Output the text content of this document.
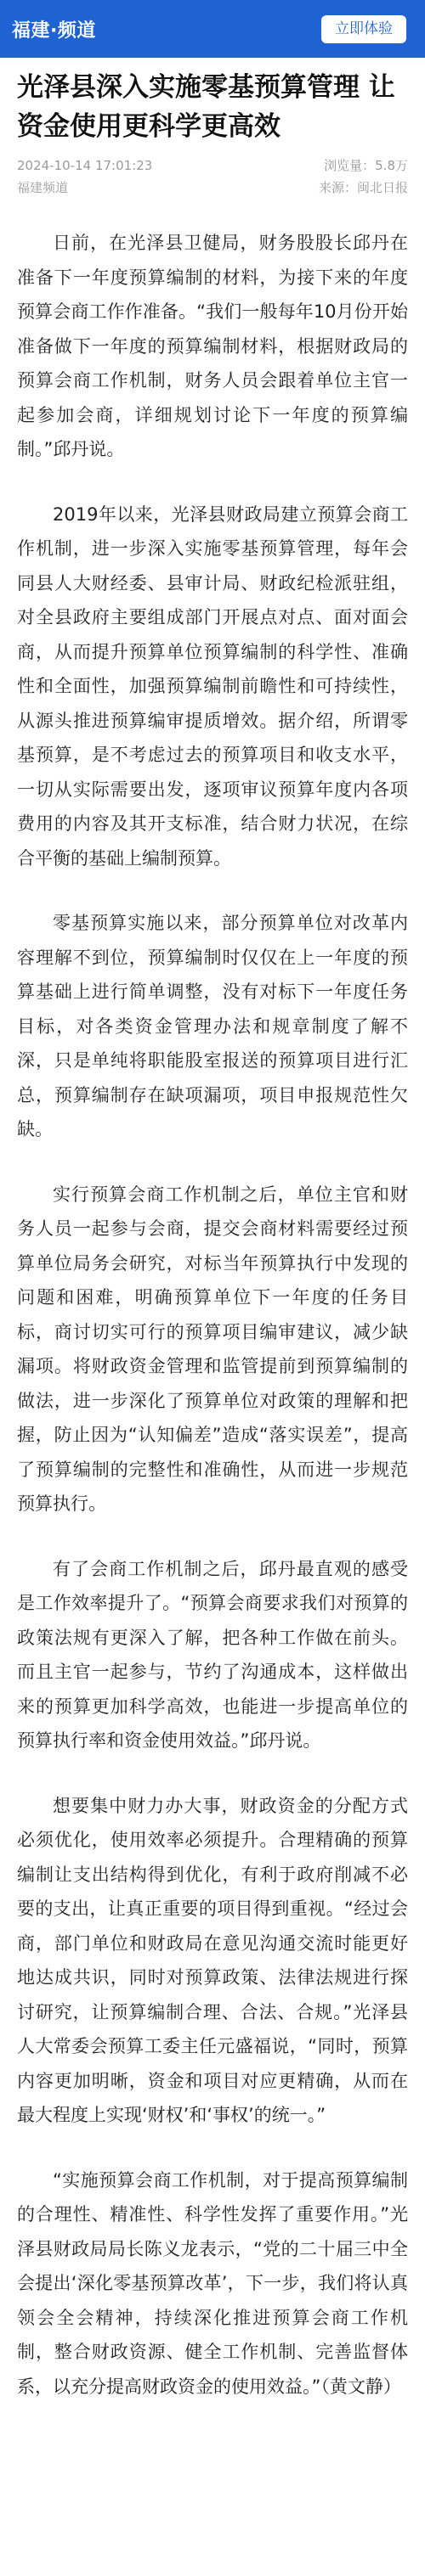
福建·频道	立即体验
光泽县深入实施零基预算管理 让资金使用更科学更高效
2024-10-14 17:01:23	浏览量：5.8万
福建频道	来源：闽北日报

日前，在光泽县卫健局，财务股股长邱丹在准备下一年度预算编制的材料，为接下来的年度预算会商工作作准备。“我们一般每年10月份开始准备做下一年度的预算编制材料，根据财政局的预算会商工作机制，财务人员会跟着单位主官一起参加会商，详细规划讨论下一年度的预算编制。”邱丹说。

2019年以来，光泽县财政局建立预算会商工作机制，进一步深入实施零基预算管理，每年会同县人大财经委、县审计局、财政纪检派驻组，对全县政府主要组成部门开展点对点、面对面会商，从而提升预算单位预算编制的科学性、准确性和全面性，加强预算编制前瞻性和可持续性，从源头推进预算编审提质增效。据介绍，所谓零基预算，是不考虑过去的预算项目和收支水平，一切从实际需要出发，逐项审议预算年度内各项费用的内容及其开支标准，结合财力状况，在综合平衡的基础上编制预算。

零基预算实施以来，部分预算单位对改革内容理解不到位，预算编制时仅仅在上一年度的预算基础上进行简单调整，没有对标下一年度任务目标，对各类资金管理办法和规章制度了解不深，只是单纯将职能股室报送的预算项目进行汇总，预算编制存在缺项漏项，项目申报规范性欠缺。

实行预算会商工作机制之后，单位主官和财务人员一起参与会商，提交会商材料需要经过预算单位局务会研究，对标当年预算执行中发现的问题和困难，明确预算单位下一年度的任务目标，商讨切实可行的预算项目编审建议，减少缺漏项。将财政资金管理和监管提前到预算编制的做法，进一步深化了预算单位对政策的理解和把握，防止因为“认知偏差”造成“落实误差”，提高了预算编制的完整性和准确性，从而进一步规范预算执行。

有了会商工作机制之后，邱丹最直观的感受是工作效率提升了。“预算会商要求我们对预算的政策法规有更深入了解，把各种工作做在前头。而且主官一起参与，节约了沟通成本，这样做出来的预算更加科学高效，也能进一步提高单位的预算执行率和资金使用效益。”邱丹说。

想要集中财力办大事，财政资金的分配方式必须优化，使用效率必须提升。合理精确的预算编制让支出结构得到优化，有利于政府削减不必要的支出，让真正重要的项目得到重视。“经过会商，部门单位和财政局在意见沟通交流时能更好地达成共识，同时对预算政策、法律法规进行探讨研究，让预算编制合理、合法、合规。”光泽县人大常委会预算工委主任元盛福说，“同时，预算内容更加明晰，资金和项目对应更精确，从而在最大程度上实现‘财权’和‘事权’的统一。”

“实施预算会商工作机制，对于提高预算编制的合理性、精准性、科学性发挥了重要作用。”光泽县财政局局长陈义龙表示，“党的二十届三中全会提出‘深化零基预算改革’，下一步，我们将认真领会全会精神，持续深化推进预算会商工作机制，整合财政资源、健全工作机制、完善监督体系，以充分提高财政资金的使用效益。”（黄文静）
